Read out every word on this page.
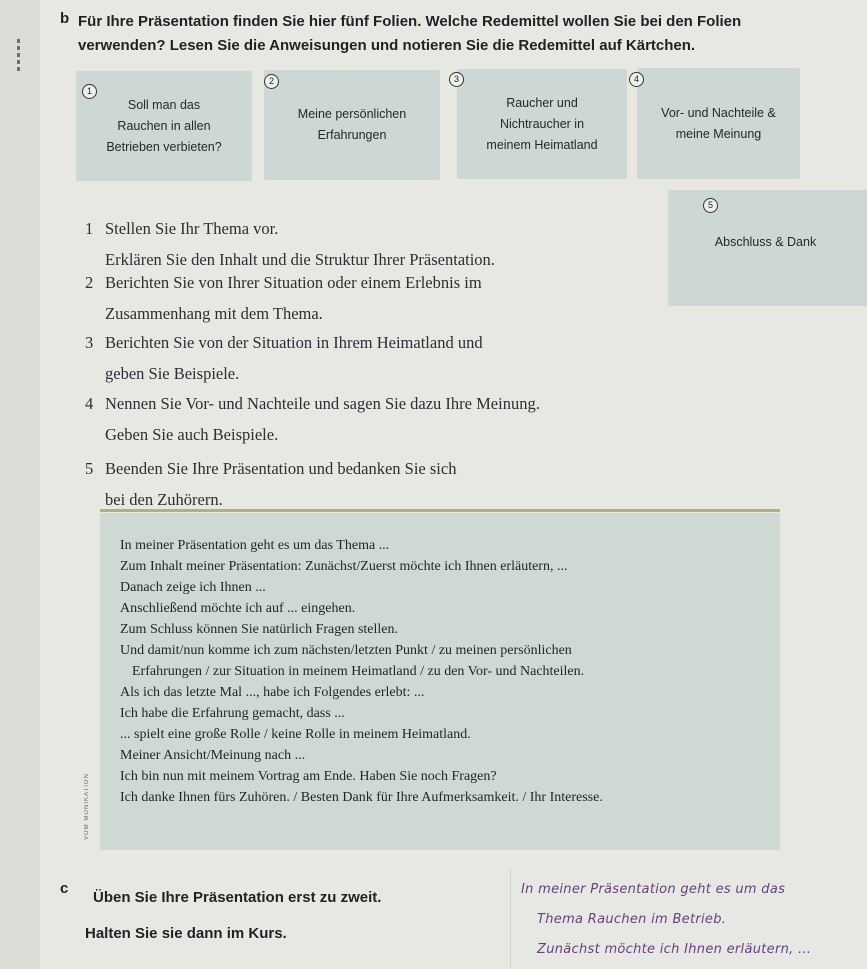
b Für Ihre Präsentation finden Sie hier fünf Folien. Welche Redemittel wollen Sie bei den Folien
verwenden? Lesen Sie die Anweisungen und notieren Sie die Redemittel auf Kärtchen.
Soll man das
Rauchen in allen
Betrieben verbieten?
1
Meine persönlichen
Erfahrungen
2
Raucher und
Nichtraucher in
meinem Heimatland
3
Vor- und Nachteile &
meine Meinung
4
Abschluss & Dank
5
1 Stellen Sie Ihr Thema vor.
Erklären Sie den Inhalt und die Struktur Ihrer Präsentation.
2 Berichten Sie von Ihrer Situation oder einem Erlebnis im
Zusammenhang mit dem Thema.
3 Berichten Sie von der Situation in Ihrem Heimatland und
geben Sie Beispiele.
4 Nennen Sie Vor- und Nachteile und sagen Sie dazu Ihre Meinung.
Geben Sie auch Beispiele.
5 Beenden Sie Ihre Präsentation und bedanken Sie sich
bei den Zuhörern.
VOM MONIKATION
In meiner Präsentation geht es um das Thema ...
Zum Inhalt meiner Präsentation: Zunächst/Zuerst möchte ich Ihnen erläutern, ...
Danach zeige ich Ihnen ...
Anschließend möchte ich auf ... eingehen.
Zum Schluss können Sie natürlich Fragen stellen.
Und damit/nun komme ich zum nächsten/letzten Punkt / zu meinen persönlichen
Erfahrungen / zur Situation in meinem Heimatland / zu den Vor- und Nachteilen.
Als ich das letzte Mal ..., habe ich Folgendes erlebt: ...
Ich habe die Erfahrung gemacht, dass ...
... spielt eine große Rolle / keine Rolle in meinem Heimatland.
Meiner Ansicht/Meinung nach ...
Ich bin nun mit meinem Vortrag am Ende. Haben Sie noch Fragen?
Ich danke Ihnen fürs Zuhören. / Besten Dank für Ihre Aufmerksamkeit. / Ihr Interesse.
c
Üben Sie Ihre Präsentation erst zu zweit.
Halten Sie sie dann im Kurs.
In meiner Präsentation geht es um das
Thema Rauchen im Betrieb.
Zunächst möchte ich Ihnen erläutern, ...
